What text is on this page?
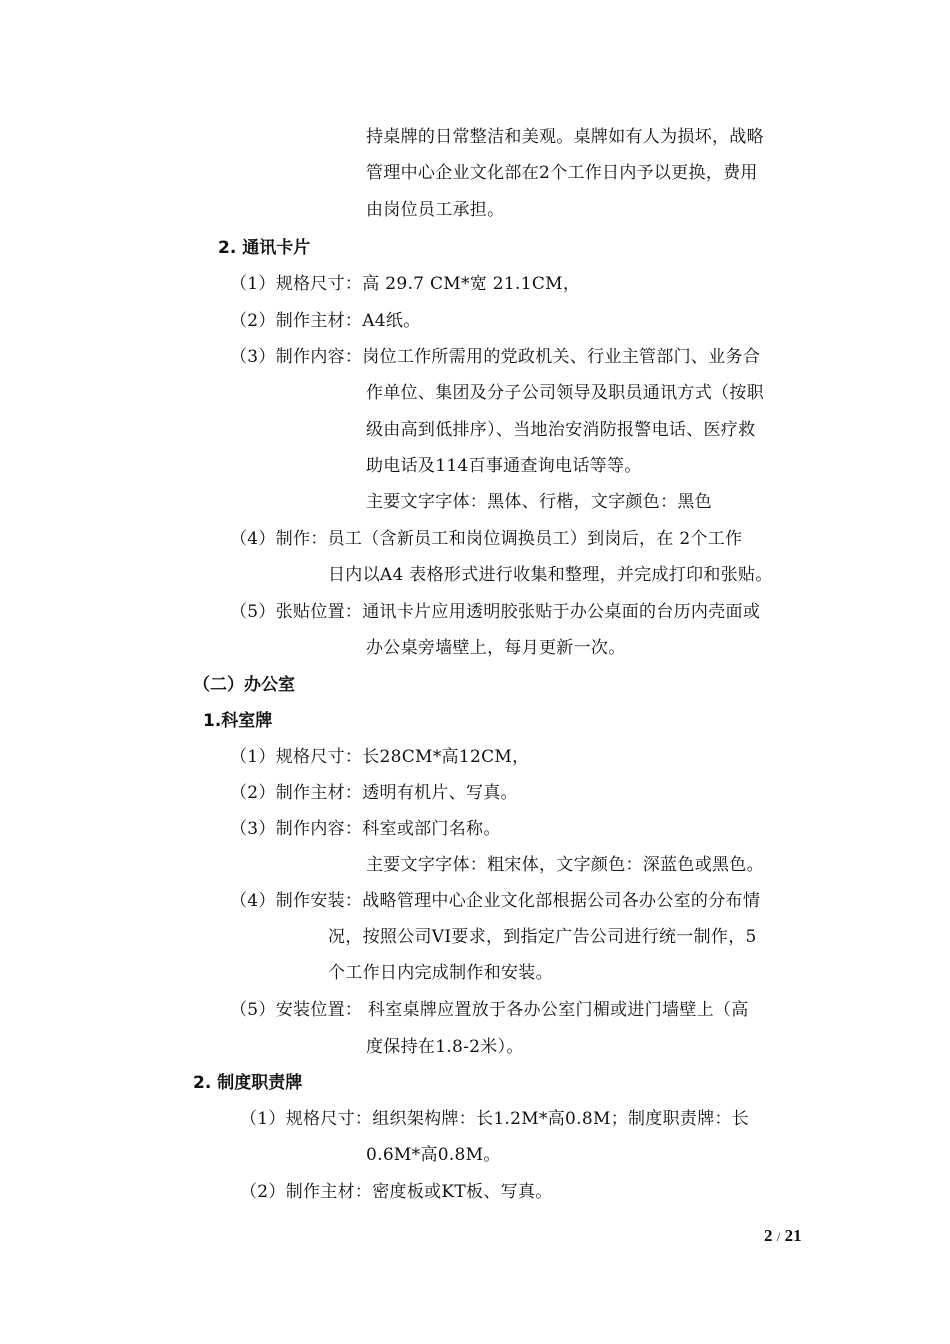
持桌牌的日常整洁和美观。桌牌如有人为损坏，战略
管理中心企业文化部在2个工作日内予以更换，费用
由岗位员工承担。
2. 通讯卡片
（1）规格尺寸：高 29.7 CM*宽 21.1CM，
（2）制作主材：A4纸。
（3）制作内容：岗位工作所需用的党政机关、行业主管部门、业务合
作单位、集团及分子公司领导及职员通讯方式（按职
级由高到低排序）、当地治安消防报警电话、医疗救
助电话及114百事通查询电话等等。
主要文字字体：黑体、行楷，文字颜色：黑色
（4）制作：员工（含新员工和岗位调换员工）到岗后，在 2个工作
日内以A4 表格形式进行收集和整理，并完成打印和张贴。
（5）张贴位置：通讯卡片应用透明胶张贴于办公桌面的台历内壳面或
办公桌旁墙壁上，每月更新一次。
（二）办公室
1.科室牌
（1）规格尺寸：长28CM*高12CM，
（2）制作主材：透明有机片、写真。
（3）制作内容：科室或部门名称。
主要文字字体：粗宋体，文字颜色：深蓝色或黑色。
（4）制作安装：战略管理中心企业文化部根据公司各办公室的分布情
况，按照公司VI要求，到指定广告公司进行统一制作，5
个工作日内完成制作和安装。
（5）安装位置： 科室桌牌应置放于各办公室门楣或进门墙壁上（高
度保持在1.8-2米）。
2. 制度职责牌
（1）规格尺寸：组织架构牌：长1.2M*高0.8M；制度职责牌：长
0.6M*高0.8M。
（2）制作主材：密度板或KT板、写真。
2 / 21
